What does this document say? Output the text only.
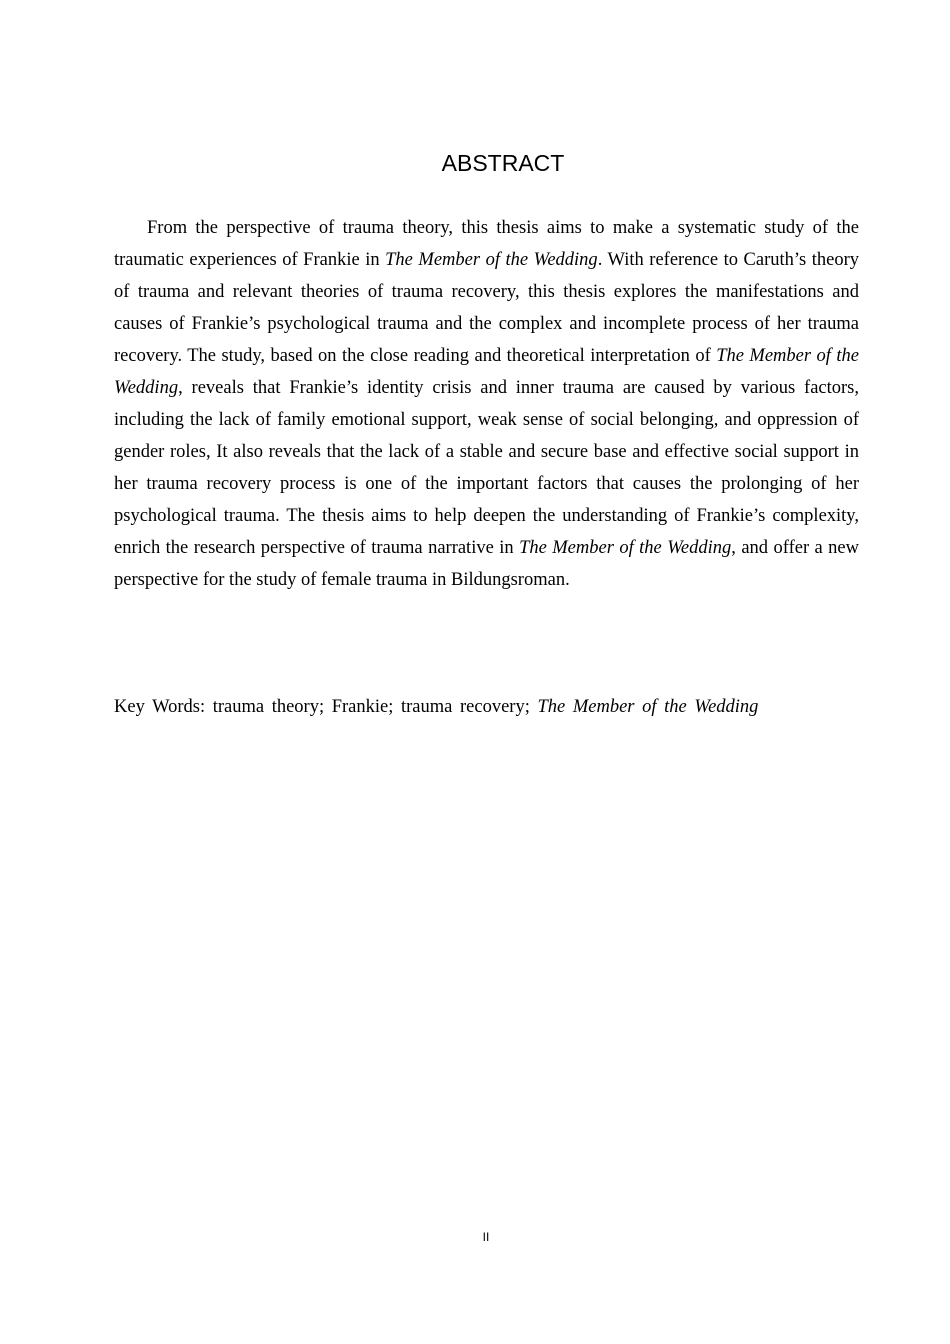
ABSTRACT

From the perspective of trauma theory, this thesis aims to make a systematic study of the traumatic experiences of Frankie in The Member of the Wedding. With reference to Caruth’s theory of trauma and relevant theories of trauma recovery, this thesis explores the manifestations and causes of Frankie’s psychological trauma and the complex and incomplete process of her trauma recovery. The study, based on the close reading and theoretical interpretation of The Member of the Wedding, reveals that Frankie’s identity crisis and inner trauma are caused by various factors, including the lack of family emotional support, weak sense of social belonging, and oppression of gender roles, It also reveals that the lack of a stable and secure base and effective social support in her trauma recovery process is one of the important factors that causes the prolonging of her psychological trauma. The thesis aims to help deepen the understanding of Frankie’s complexity, enrich the research perspective of trauma narrative in The Member of the Wedding, and offer a new perspective for the study of female trauma in Bildungsroman.

Key Words: trauma theory; Frankie; trauma recovery; The Member of the Wedding

II
